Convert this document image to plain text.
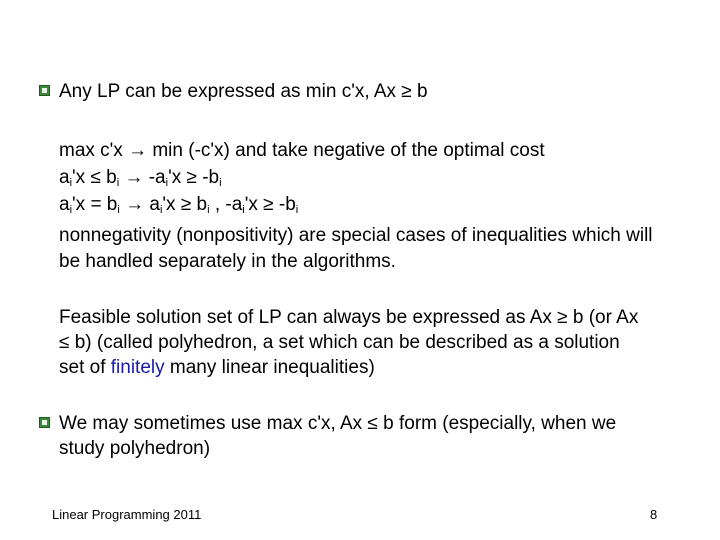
Any LP can be expressed as min c'x, Ax ≥ b
max c'x → min (-c'x) and take negative of the optimal cost
$a_i'x \le b_i \to -a_i'x \ge -b_i$
$a_i'x = b_i \to a_i'x \ge b_i$ , $-a_i'x \ge -b_i$
nonnegativity (nonpositivity) are special cases of inequalities which will
be handled separately in the algorithms.
Feasible solution set of LP can always be expressed as Ax ≥ b (or Ax
≤ b) (called polyhedron, a set which can be described as a solution
set of finitely many linear inequalities)
We may sometimes use max c'x, Ax ≤ b form (especially, when we
study polyhedron)
Linear Programming 2011	8
